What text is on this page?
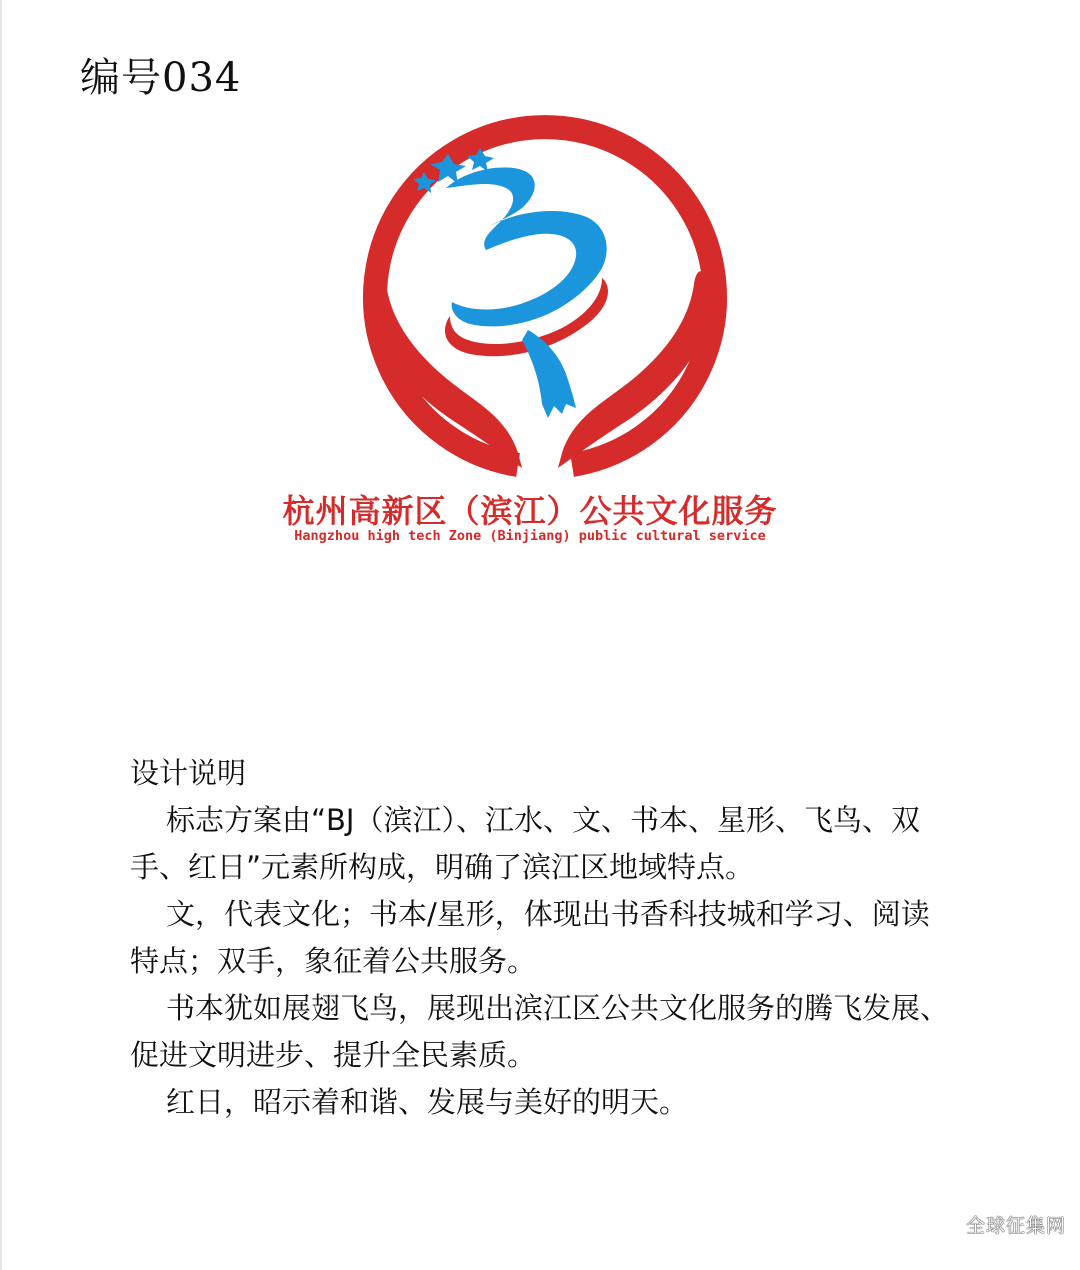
编号034
杭州高新区（滨江）公共文化服务
Hangzhou high tech Zone (Binjiang) public cultural service
设计说明
标志方案由“BJ（滨江）、江水、文、书本、星形、飞鸟、双手、红日”元素所构成，明确了滨江区地域特点。
文，代表文化；书本/星形，体现出书香科技城和学习、阅读特点；双手，象征着公共服务。
书本犹如展翅飞鸟，展现出滨江区公共文化服务的腾飞发展、促进文明进步、提升全民素质。
红日，昭示着和谐、发展与美好的明天。
全球征集网
